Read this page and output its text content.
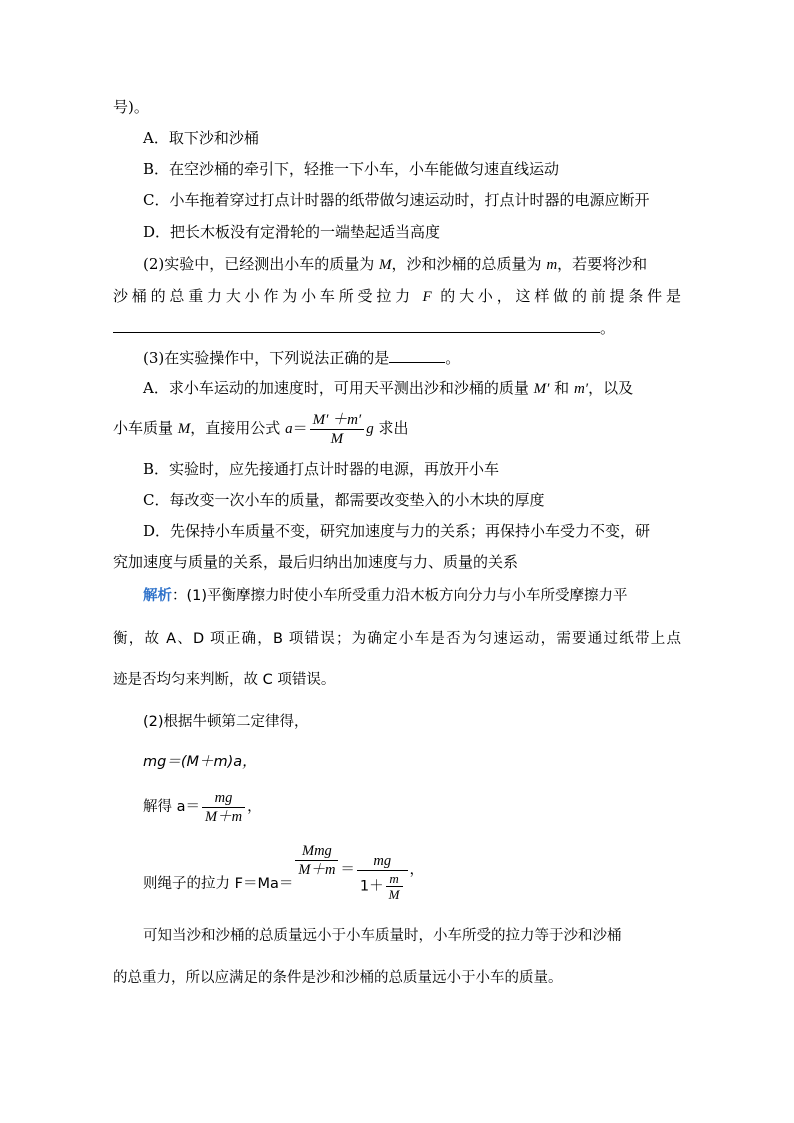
号)。
A．取下沙和沙桶
B．在空沙桶的牵引下，轻推一下小车，小车能做匀速直线运动
C．小车拖着穿过打点计时器的纸带做匀速运动时，打点计时器的电源应断开
D．把长木板没有定滑轮的一端垫起适当高度
(2)实验中，已经测出小车的质量为 M，沙和沙桶的总质量为 m，若要将沙和
沙桶的总重力大小作为小车所受拉力 F 的大小，这样做的前提条件是
。
(3)在实验操作中，下列说法正确的是	。
A．求小车运动的加速度时，可用天平测出沙和沙桶的质量 M′ 和 m′，以及
小车质量 M，直接用公式 $a= \frac{M' +m'}{M}$ g 求出
B．实验时，应先接通打点计时器的电源，再放开小车
C．每改变一次小车的质量，都需要改变垫入的小木块的厚度
D．先保持小车质量不变，研究加速度与力的关系；再保持小车受力不变，研
究加速度与质量的关系，最后归纳出加速度与力、质量的关系
解析：(1)平衡摩擦力时使小车所受重力沿木板方向分力与小车所受摩擦力平
衡，故 A、D 项正确，B 项错误；为确定小车是否为匀速运动，需要通过纸带上点
迹是否均匀来判断，故 C 项错误。
(2)根据牛顿第二定律得，
mg＝(M＋m)a，
解得 $a= \frac{mg}{M+m}$ ，
则绳子的拉力 F＝Ma＝
$\frac{\text{Mmg}}{M+m} = \frac{mg}{1+ \frac{m}{M}}$ ，
可知当沙和沙桶的总质量远小于小车质量时，小车所受的拉力等于沙和沙桶
的总重力，所以应满足的条件是沙和沙桶的总质量远小于小车的质量。
